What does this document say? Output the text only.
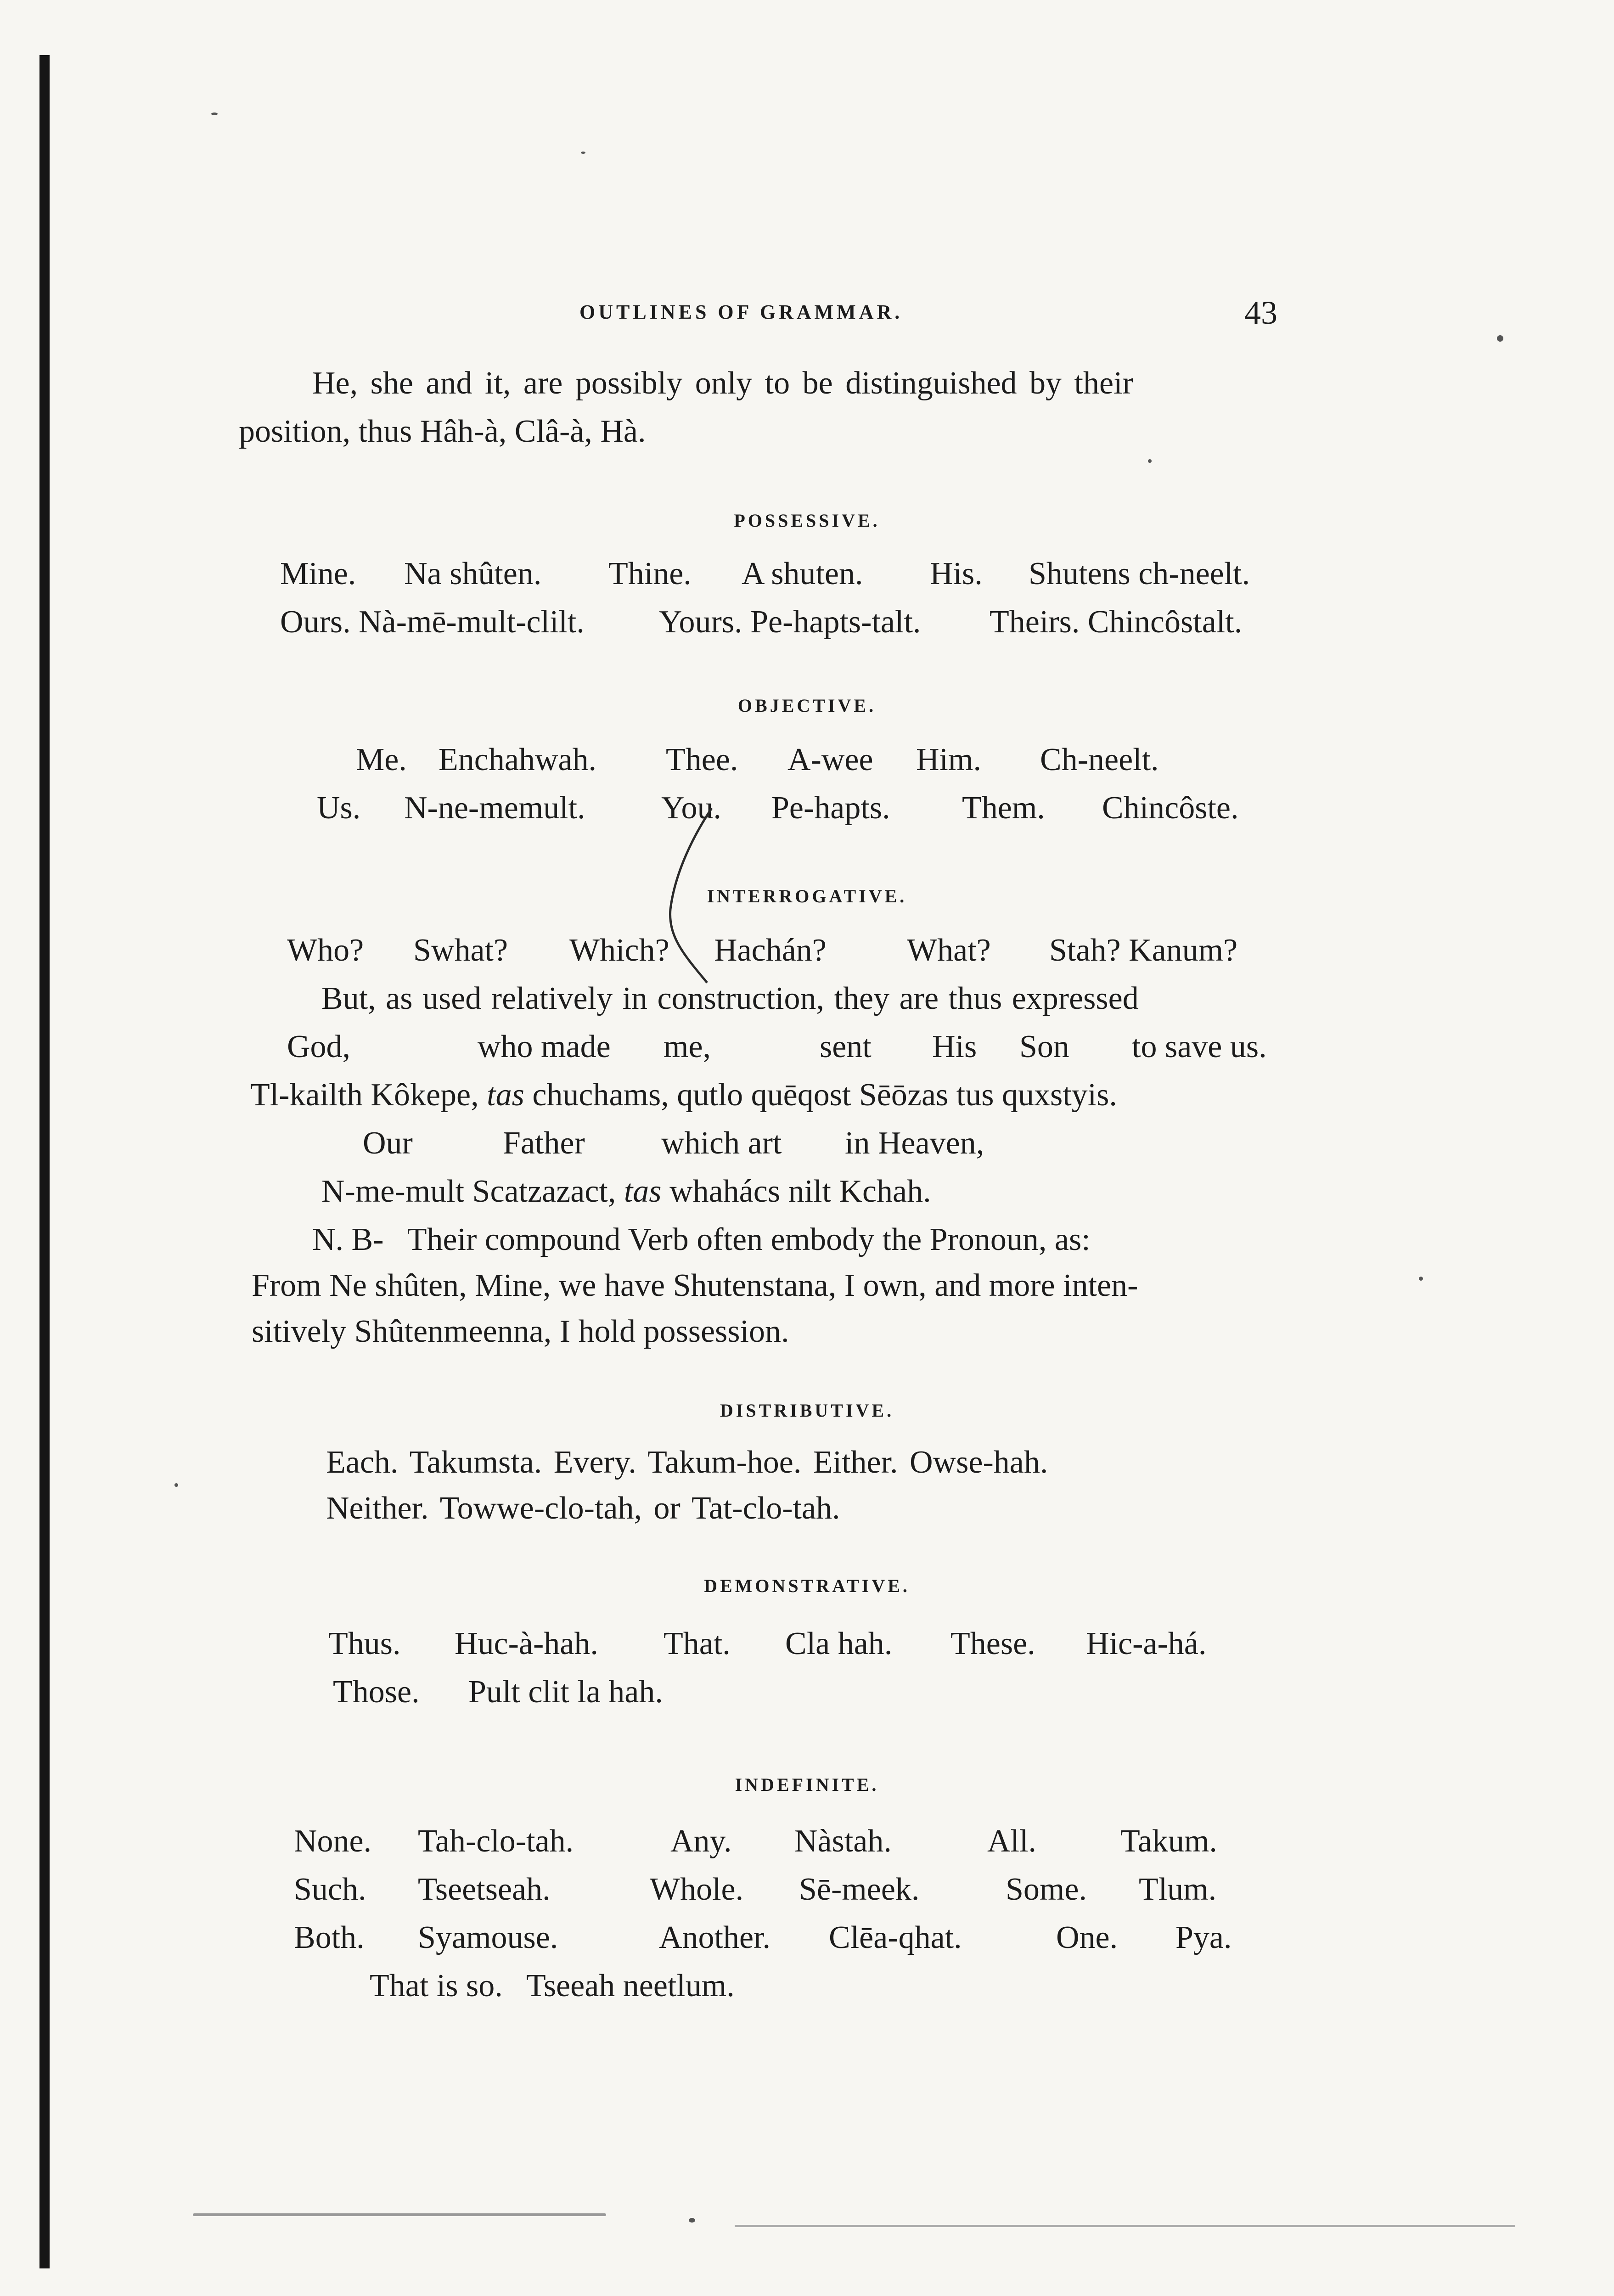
OUTLINES OF GRAMMAR.	43
He, she and it, are possibly only to be distinguished by their
position, thus Hâh-à, Clâ-à, Hà.
POSSESSIVE.
Mine. Na shûten. Thine. A shuten. His. Shutens ch-neelt.
Ours. Nà-mē-mult-clilt. Yours. Pe-hapts-talt. Theirs. Chincôstalt.
OBJECTIVE.
Me. Enchahwah. Thee. A-wee Him. Ch-neelt.
Us. N-ne-memult. You. Pe-hapts. Them. Chincôste.
INTERROGATIVE.
Who? Swhat? Which? Hachán?	What? Stah? Kanum?
But, as used relatively in construction, they are thus expressed
God,	who made me,	sent His Son to save us.
Tl-kailth Kôkepe, tas chuchams, qutlo quēqost Sēōzas tus quxstyis.
Our	Father which art in Heaven,
N-me-mult Scatzazact, tas whahács nilt Kchah.
N. B-   Their compound Verb often embody the Pronoun, as:
From Ne shûten, Mine, we have Shutenstana, I own, and more inten-
sitively Shûtenmeenna, I hold possession.
DISTRIBUTIVE.
Each. Takumsta. Every. Takum-hoe. Either. Owse-hah.
Neither. Towwe-clo-tah, or Tat-clo-tah.
DEMONSTRATIVE.
Thus. Huc-à-hah. That. Cla hah. These. Hic-a-há.
Those. Pult clit la hah.
INDEFINITE.
None. Tah-clo-tah.	Any. Nàstah.	All.	Takum.
Such. Tseetseah.	Whole. Sē-meek.	Some. Tlum.
Both. Syamouse.	Another. Clēa-qhat.	One. Pya.
That is so.   Tseeah neetlum.
